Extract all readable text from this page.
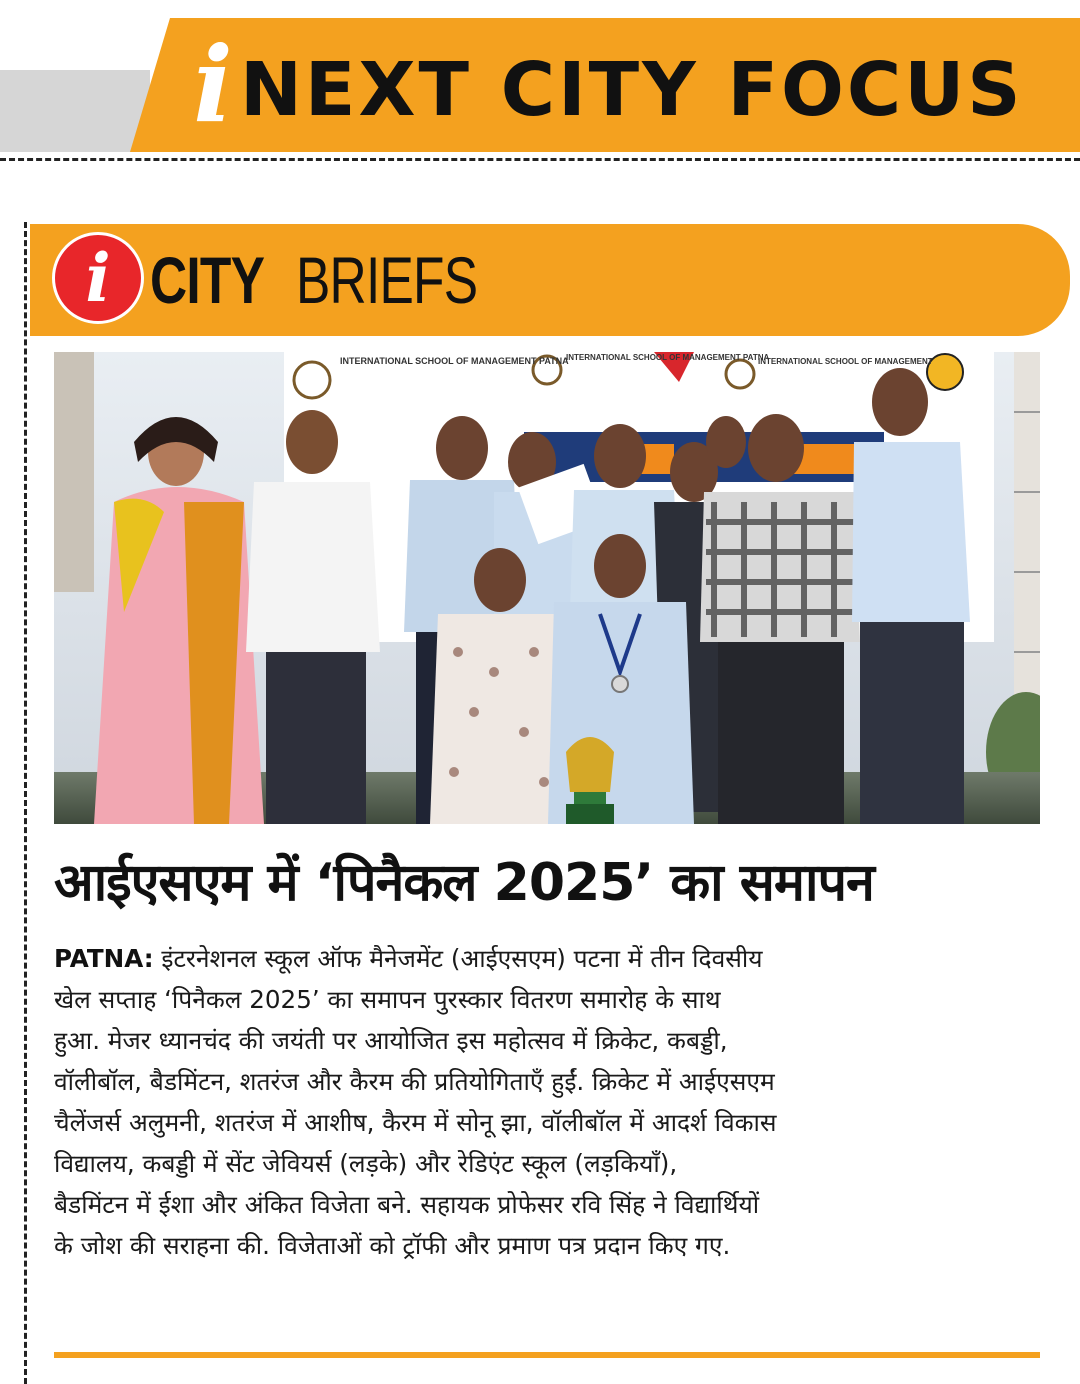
i NEXT CITY FOCUS
i CITY BRIEFS
INTERNATIONAL SCHOOL OF MANAGEMENT PATNA
INTERNATIONAL SCHOOL OF MANAGEMENT PATNA
INTERNATIONAL SCHOOL OF MANAGEMENT
आईएसएम में ‘पिनैकल 2025’ का समापन
PATNA: इंटरनेशनल स्कूल ऑफ मैनेजमेंट (आईएसएम) पटना में तीन दिवसीय
खेल सप्ताह ‘पिनैकल 2025’ का समापन पुरस्कार वितरण समारोह के साथ
हुआ. मेजर ध्यानचंद की जयंती पर आयोजित इस महोत्सव में क्रिकेट, कबड्डी,
वॉलीबॉल, बैडमिंटन, शतरंज और कैरम की प्रतियोगिताएँ हुईं. क्रिकेट में आईएसएम
चैलेंजर्स अलुमनी, शतरंज में आशीष, कैरम में सोनू झा, वॉलीबॉल में आदर्श विकास
विद्यालय, कबड्डी में सेंट जेवियर्स (लड़के) और रेडिएंट स्कूल (लड़कियाँ),
बैडमिंटन में ईशा और अंकित विजेता बने. सहायक प्रोफेसर रवि सिंह ने विद्यार्थियों
के जोश की सराहना की. विजेताओं को ट्रॉफी और प्रमाण पत्र प्रदान किए गए.
